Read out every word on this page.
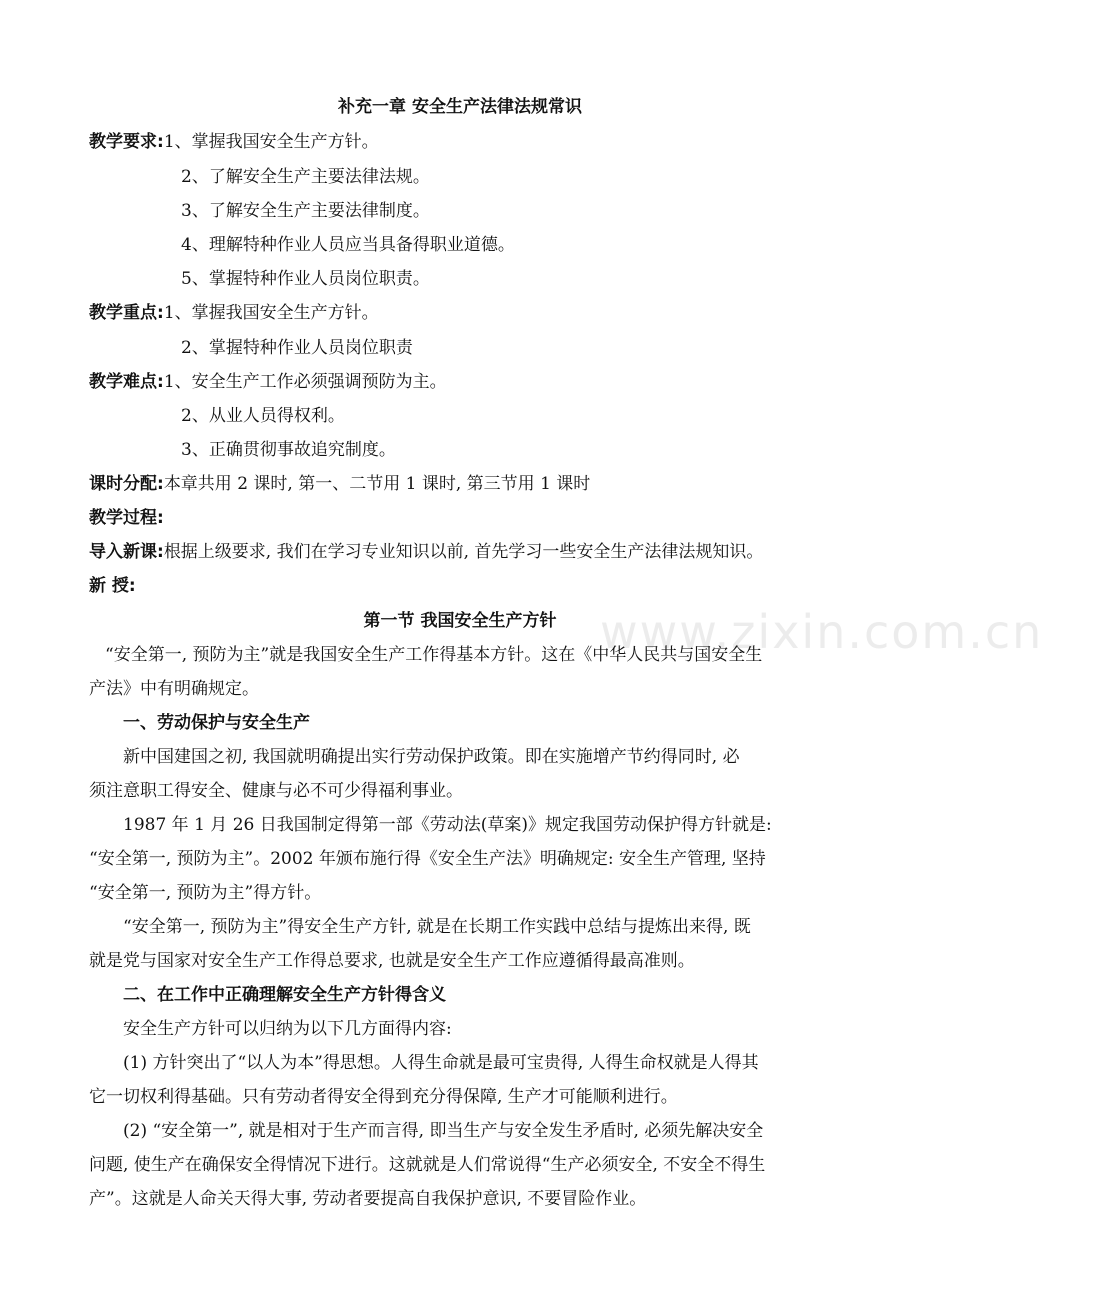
www.zixin.com.cn
补充一章 安全生产法律法规常识
教学要求:1、掌握我国安全生产方针。
2、了解安全生产主要法律法规。
3、了解安全生产主要法律制度。
4、理解特种作业人员应当具备得职业道德。
5、掌握特种作业人员岗位职责。
教学重点:1、掌握我国安全生产方针。
2、掌握特种作业人员岗位职责
教学难点:1、安全生产工作必须强调预防为主。
2、从业人员得权利。
3、正确贯彻事故追究制度。
课时分配:本章共用 2 课时, 第一、二节用 1 课时, 第三节用 1 课时
教学过程:
导入新课:根据上级要求, 我们在学习专业知识以前, 首先学习一些安全生产法律法规知识。
新 授:
第一节 我国安全生产方针
“安全第一, 预防为主”就是我国安全生产工作得基本方针。这在《中华人民共与国安全生
产法》中有明确规定。
一、劳动保护与安全生产
新中国建国之初, 我国就明确提出实行劳动保护政策。即在实施增产节约得同时, 必
须注意职工得安全、健康与必不可少得福利事业。
1987 年 1 月 26 日我国制定得第一部《劳动法(草案)》规定我国劳动保护得方针就是:
“安全第一, 预防为主”。2002 年颁布施行得《安全生产法》明确规定: 安全生产管理, 坚持
“安全第一, 预防为主”得方针。
“安全第一, 预防为主”得安全生产方针, 就是在长期工作实践中总结与提炼出来得, 既
就是党与国家对安全生产工作得总要求, 也就是安全生产工作应遵循得最高准则。
二、在工作中正确理解安全生产方针得含义
安全生产方针可以归纳为以下几方面得内容:
(1) 方针突出了“以人为本”得思想。人得生命就是最可宝贵得, 人得生命权就是人得其
它一切权利得基础。只有劳动者得安全得到充分得保障, 生产才可能顺利进行。
(2) “安全第一”, 就是相对于生产而言得, 即当生产与安全发生矛盾时, 必须先解决安全
问题, 使生产在确保安全得情况下进行。这就就是人们常说得“生产必须安全, 不安全不得生
产”。这就是人命关天得大事, 劳动者要提高自我保护意识, 不要冒险作业。
